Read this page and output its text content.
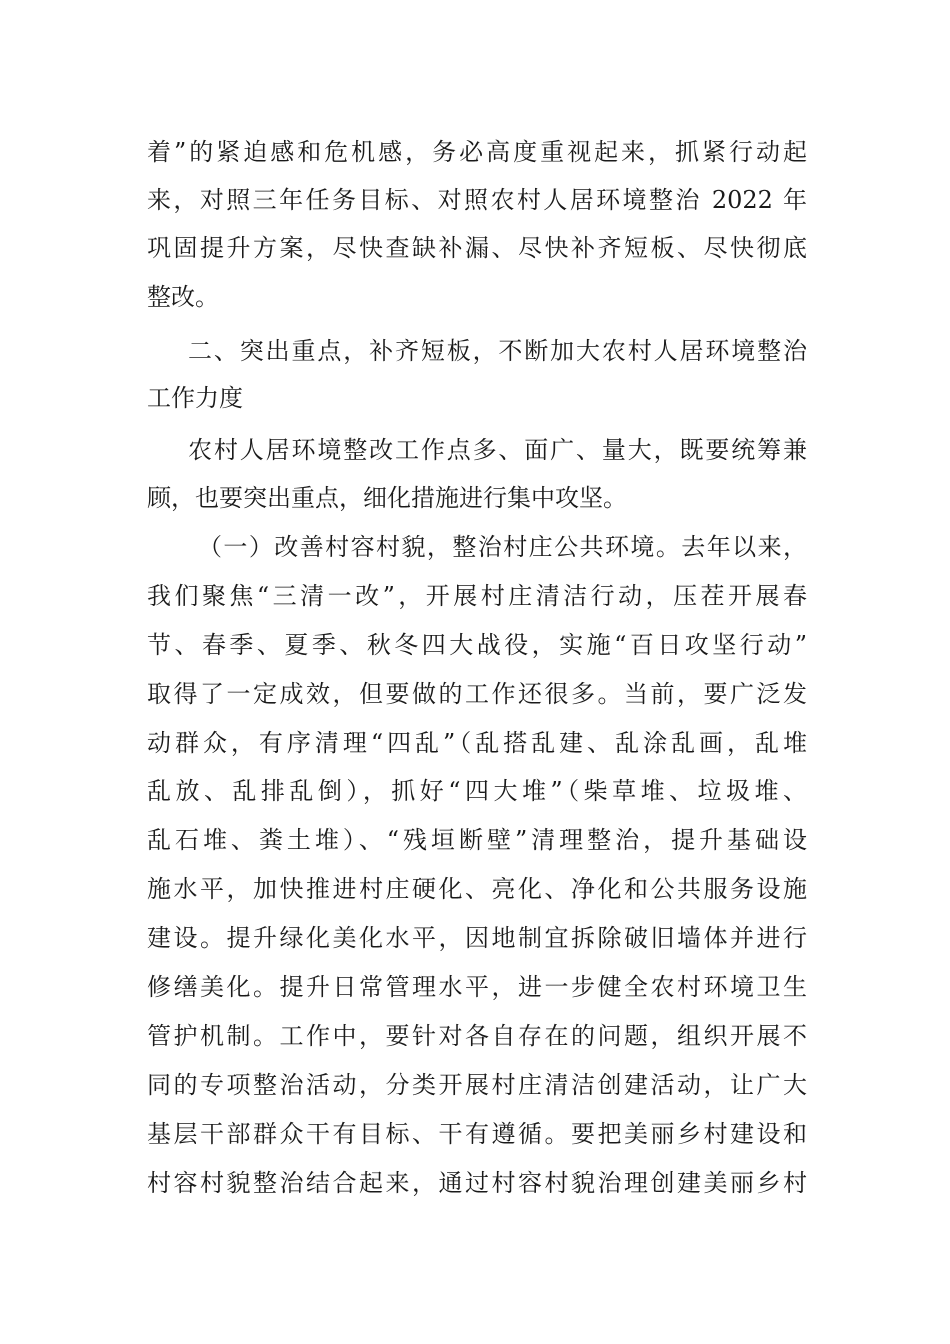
着”的紧迫感和危机感，务必高度重视起来，抓紧行动起

来，对照三年任务目标、对照农村人居环境整治 2022 年

巩固提升方案，尽快查缺补漏、尽快补齐短板、尽快彻底

整改。

二、突出重点，补齐短板，不断加大农村人居环境整治

工作力度

农村人居环境整改工作点多、面广、量大，既要统筹兼

顾，也要突出重点，细化措施进行集中攻坚。

（一）改善村容村貌，整治村庄公共环境。去年以来，

我们聚焦“三清一改”，开展村庄清洁行动，压茬开展春

节、春季、夏季、秋冬四大战役，实施“百日攻坚行动”

取得了一定成效，但要做的工作还很多。当前，要广泛发

动群众，有序清理“四乱”（乱搭乱建、乱涂乱画，乱堆

乱放、乱排乱倒），抓好“四大堆”（柴草堆、垃圾堆、

乱石堆、粪土堆）、“残垣断壁”清理整治，提升基础设

施水平，加快推进村庄硬化、亮化、净化和公共服务设施

建设。提升绿化美化水平，因地制宜拆除破旧墙体并进行

修缮美化。提升日常管理水平，进一步健全农村环境卫生

管护机制。工作中，要针对各自存在的问题，组织开展不

同的专项整治活动，分类开展村庄清洁创建活动，让广大

基层干部群众干有目标、干有遵循。要把美丽乡村建设和

村容村貌整治结合起来，通过村容村貌治理创建美丽乡村
